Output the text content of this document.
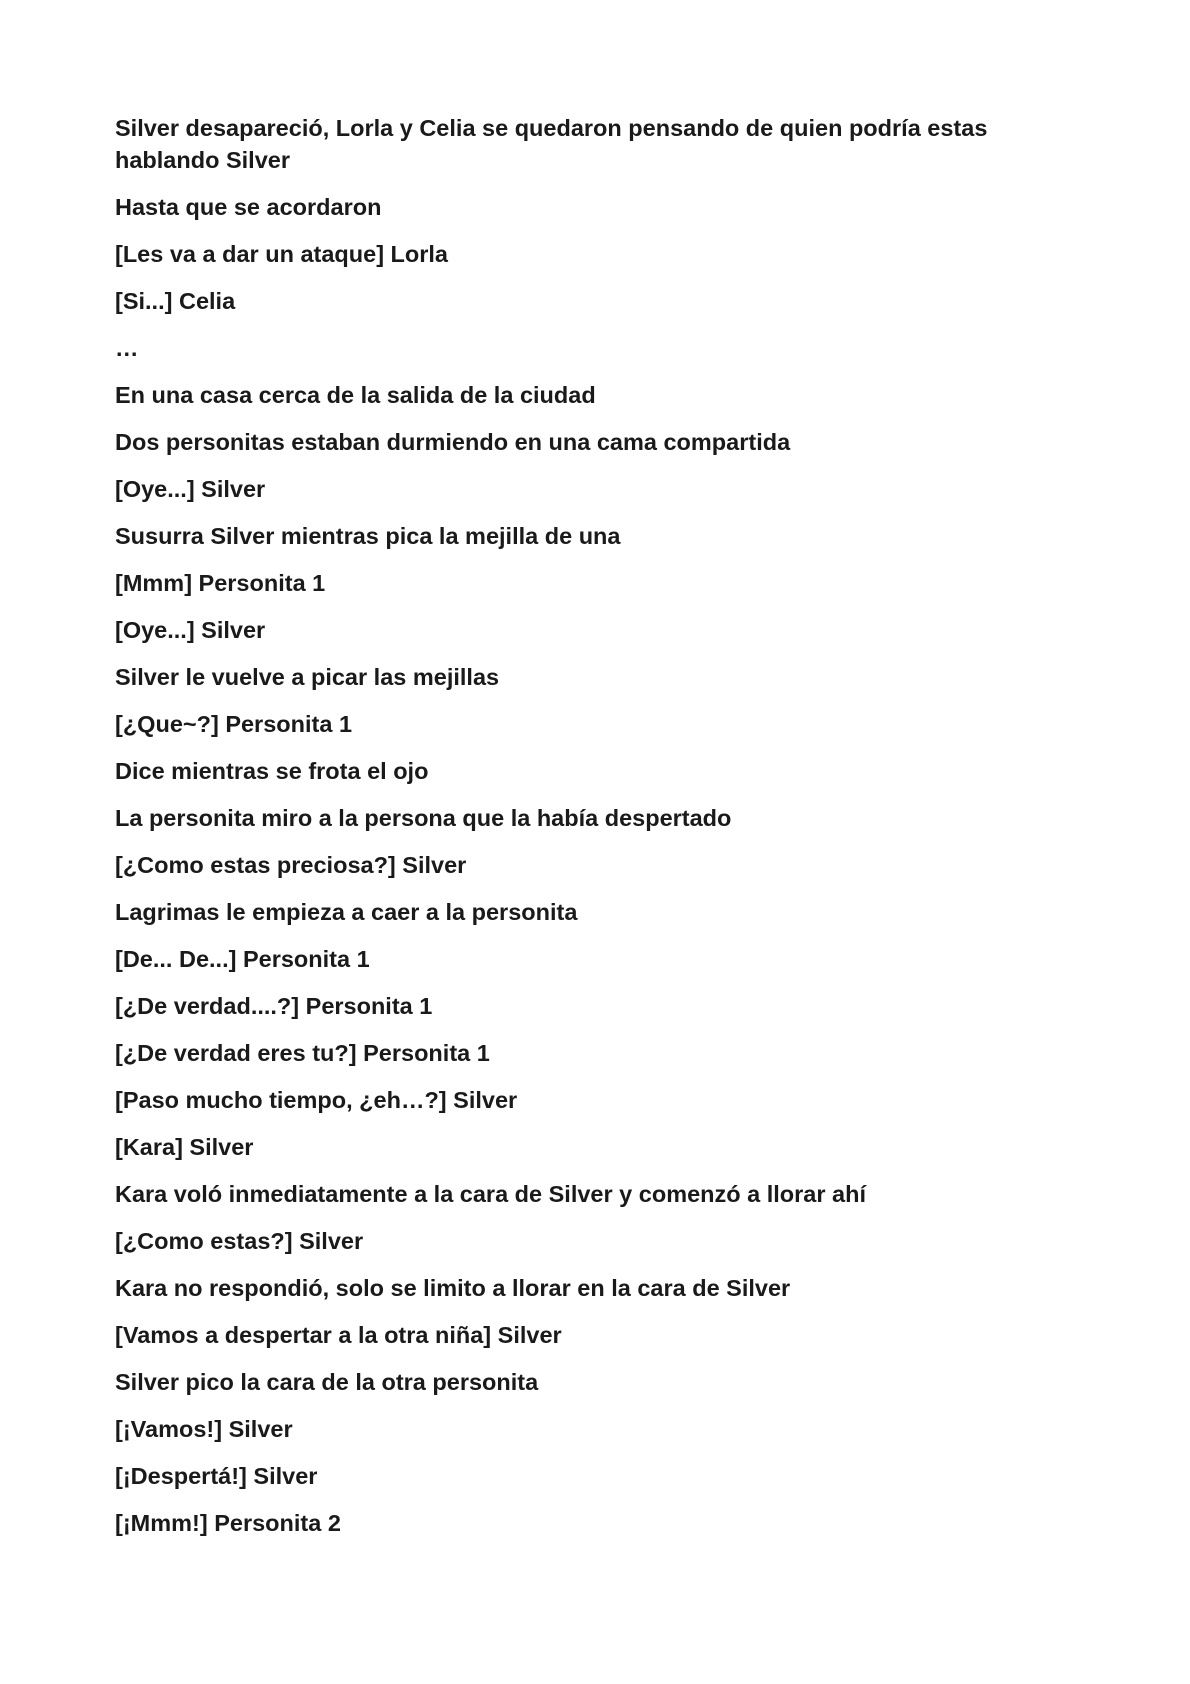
Silver desapareció, Lorla y Celia se quedaron pensando de quien podría estas hablando Silver

Hasta que se acordaron

[Les va a dar un ataque] Lorla

[Si...] Celia

…

En una casa cerca de la salida de la ciudad

Dos personitas estaban durmiendo en una cama compartida

[Oye...] Silver

Susurra Silver mientras pica la mejilla de una

[Mmm] Personita 1

[Oye...] Silver

Silver le vuelve a picar las mejillas

[¿Que~?] Personita 1

Dice mientras se frota el ojo

La personita miro a la persona que la había despertado

[¿Como estas preciosa?] Silver

Lagrimas le empieza a caer a la personita

[De... De...] Personita 1

[¿De verdad....?] Personita 1

[¿De verdad eres tu?] Personita 1

[Paso mucho tiempo, ¿eh…?] Silver

[Kara] Silver

Kara voló inmediatamente a la cara de Silver y comenzó a llorar ahí

[¿Como estas?] Silver

Kara no respondió, solo se limito a llorar en la cara de Silver

[Vamos a despertar a la otra niña] Silver

Silver pico la cara de la otra personita

[¡Vamos!] Silver

[¡Despertá!] Silver

[¡Mmm!] Personita 2
